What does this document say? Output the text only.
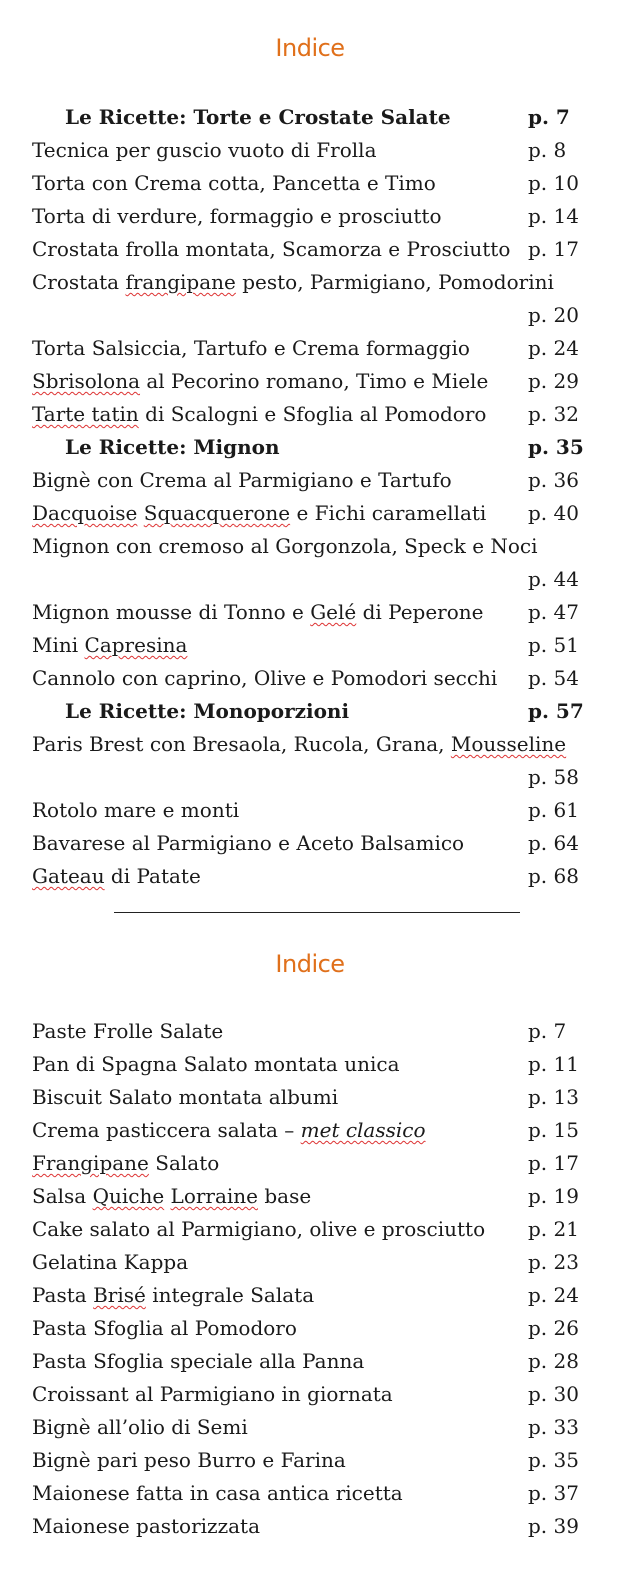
Indice
Le Ricette: Torte e Crostate Salate	p. 7
Tecnica per guscio vuoto di Frolla	p. 8
Torta con Crema cotta, Pancetta e Timo	p. 10
Torta di verdure, formaggio e prosciutto	p. 14
Crostata frolla montata, Scamorza e Prosciutto p. 17
Crostata frangipane pesto, Parmigiano, Pomodorini
p. 20
Torta Salsiccia, Tartufo e Crema formaggio	p. 24
Sbrisolona al Pecorino romano, Timo e Miele p. 29
Tarte tatin di Scalogni e Sfoglia al Pomodoro p. 32
Le Ricette: Mignon	p. 35
Bignè con Crema al Parmigiano e Tartufo	p. 36
Dacquoise Squacquerone e Fichi caramellati p. 40
Mignon con cremoso al Gorgonzola, Speck e Noci
p. 44
Mignon mousse di Tonno e Gelé di Peperone p. 47
Mini Capresina	p. 51
Cannolo con caprino, Olive e Pomodori secchi p. 54
Le Ricette: Monoporzioni	p. 57
Paris Brest con Bresaola, Rucola, Grana, Mousseline
p. 58
Rotolo mare e monti	p. 61
Bavarese al Parmigiano e Aceto Balsamico	p. 64
Gateau di Patate	p. 68
Indice
Paste Frolle Salate	p. 7
Pan di Spagna Salato montata unica	p. 11
Biscuit Salato montata albumi	p. 13
Crema pasticcera salata – met classico	p. 15
Frangipane Salato	p. 17
Salsa Quiche Lorraine base	p. 19
Cake salato al Parmigiano, olive e prosciutto p. 21
Gelatina Kappa	p. 23
Pasta Brisé integrale Salata	p. 24
Pasta Sfoglia al Pomodoro	p. 26
Pasta Sfoglia speciale alla Panna	p. 28
Croissant al Parmigiano in giornata	p. 30
Bignè all’olio di Semi	p. 33
Bignè pari peso Burro e Farina	p. 35
Maionese fatta in casa antica ricetta	p. 37
Maionese pastorizzata	p. 39
